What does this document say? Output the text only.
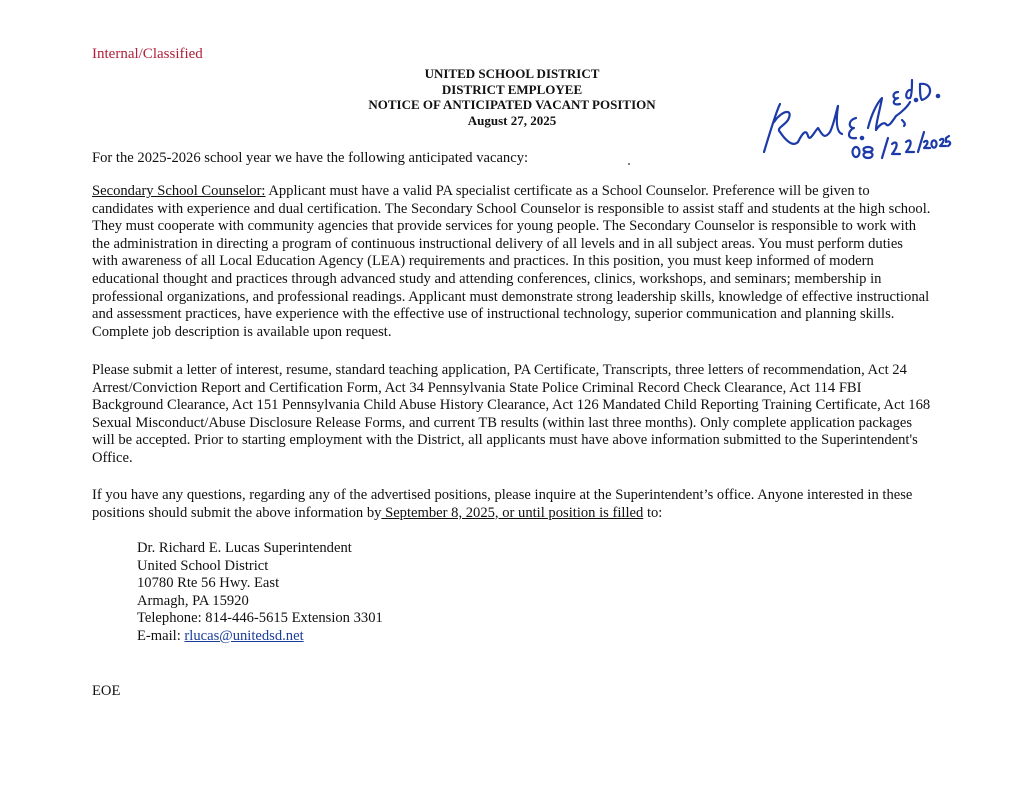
Internal/Classified
UNITED SCHOOL DISTRICT
DISTRICT EMPLOYEE
NOTICE OF ANTICIPATED VACANT POSITION
August 27, 2025
For the 2025-2026 school year we have the following anticipated vacancy:
Secondary School Counselor: Applicant must have a valid PA specialist certificate as a School Counselor. Preference will be given to candidates with experience and dual certification. The Secondary School Counselor is responsible to assist staff and students at the high school. They must cooperate with community agencies that provide services for young people. The Secondary Counselor is responsible to work with the administration in directing a program of continuous instructional delivery of all levels and in all subject areas. You must perform duties with awareness of all Local Education Agency (LEA) requirements and practices. In this position, you must keep informed of modern educational thought and practices through advanced study and attending conferences, clinics, workshops, and seminars; membership in professional organizations, and professional readings. Applicant must demonstrate strong leadership skills, knowledge of effective instructional and assessment practices, have experience with the effective use of instructional technology, superior communication and planning skills. Complete job description is available upon request.
Please submit a letter of interest, resume, standard teaching application, PA Certificate, Transcripts, three letters of recommendation, Act 24 Arrest/Conviction Report and Certification Form, Act 34 Pennsylvania State Police Criminal Record Check Clearance, Act 114 FBI Background Clearance, Act 151 Pennsylvania Child Abuse History Clearance, Act 126 Mandated Child Reporting Training Certificate, Act 168 Sexual Misconduct/Abuse Disclosure Release Forms, and current TB results (within last three months). Only complete application packages will be accepted. Prior to starting employment with the District, all applicants must have above information submitted to the Superintendent's Office.
If you have any questions, regarding any of the advertised positions, please inquire at the Superintendent’s office. Anyone interested in these positions should submit the above information by September 8, 2025, or until position is filled to:
Dr. Richard E. Lucas Superintendent
United School District
10780 Rte 56 Hwy. East
Armagh, PA 15920
Telephone: 814-446-5615 Extension 3301
E-mail: rlucas@unitedsd.net
EOE
